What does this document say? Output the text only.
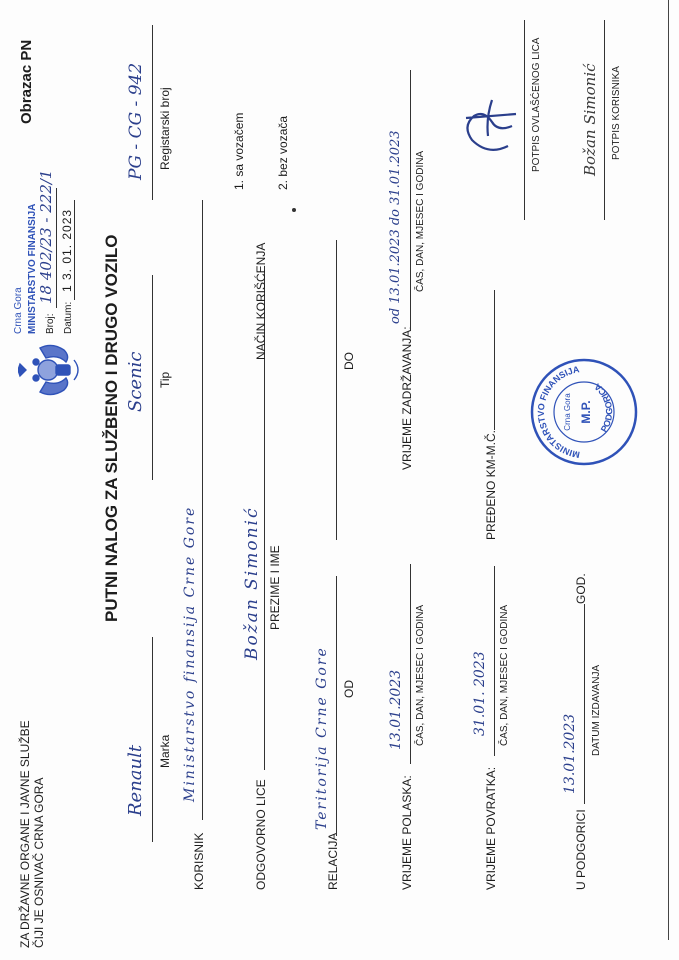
ZA DRŽAVNE ORGANE I JAVNE SLUŽBE ČIJI JE OSNIVAČ CRNA GORA
Obrazac PN
Crna Gora MINISTARSTVO FINANSIJA Broj:
18 402/23 - 222/1
Datum:
1 3. 01. 2023 PUTNI NALOG ZA SLUŽBENO I DRUGO VOZILO
Renault Marka
Scenic Tip
PG - CG - 942 Registarski broj
KORISNIK
Ministarstvo finansija Crne Gore
ODGOVORNO LICE
Božan Simonić PREZIME I IME
NAČIN KORIŠĆENJA
1. sa vozačem	2. bez vozača
RELACIJA
Teritorija Crne Gore OD
DO
VRIJEME POLASKA:
13.01.2023 ČAS, DAN, MJESEC I GODINA
VRIJEME ZADRŽAVANJA:
od 13.01.2023 do 31.01.2023 ČAS, DAN, MJESEC I GODINA
VRIJEME POVRATKA:
31.01. 2023 ČAS, DAN, MJESEC I GODINA
PREĐENO KM-M.Č.
U PODGORICI
13.01.2023
GOD.
DATUM IZDAVANJA
MINISTARSTVO FINANSIJA
PODGORICA
Crna Gora M.P.
POTPIS OVLAŠĆENOG LICA	Božan Simonić POTPIS KORISNIKA
